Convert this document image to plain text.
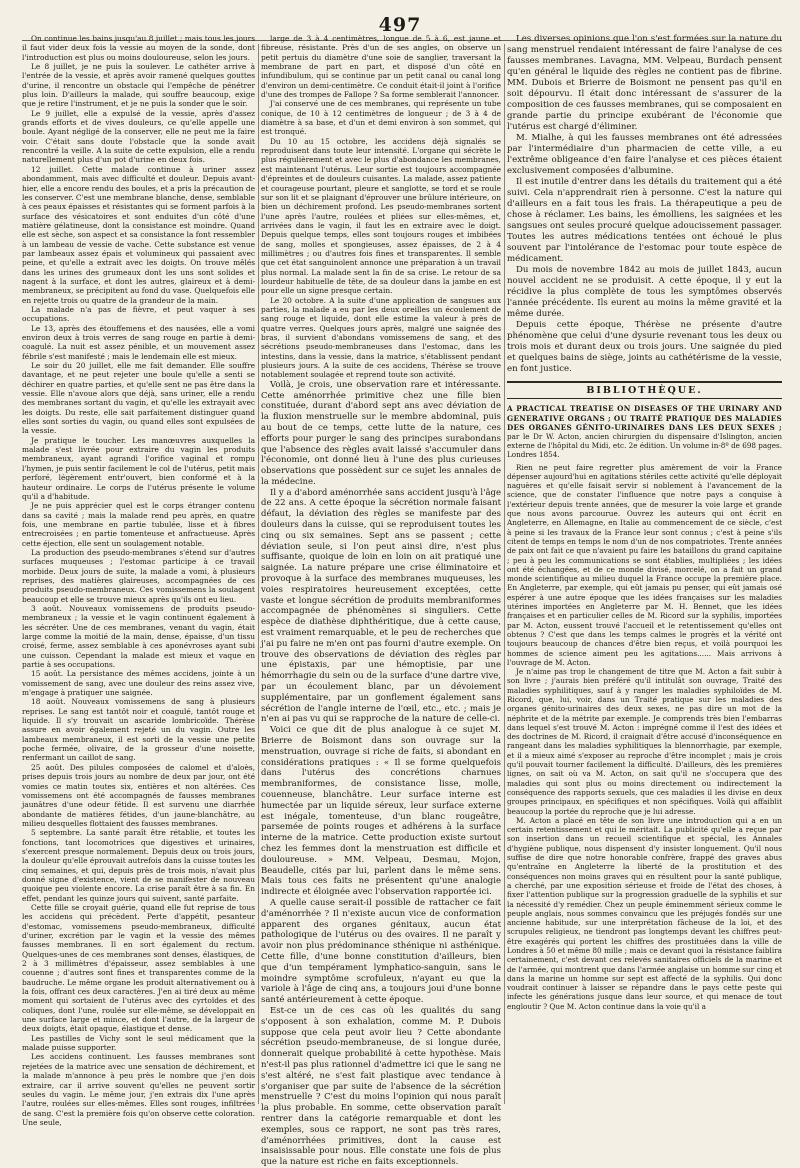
497

On continue les bains jusqu'au 8 juillet ; mais tous les jours il faut vider deux fois la vessie au moyen de la sonde, dont l'introduction est plus ou moins douloureuse, selon les jours.

Le 8 juillet, je ne puis la soulever. Le cathéter arrive à l'entrée de la vessie, et après avoir ramené quelques gouttes d'urine, il rencontre un obstacle qui l'empêche de pénétrer plus loin. D'ailleurs la malade, qui souffre beaucoup, exige que je retire l'instrument, et je ne puis la sonder que le soir.

Le 9 juillet, elle a expulsé de la vessie, après d'assez grands efforts et de vives douleurs, ce qu'elle appelle une boule. Ayant négligé de la conserver, elle ne peut me la faire voir. C'était sans doute l'obstacle que la sonde avait rencontré la veille. A la suite de cette expulsion, elle a rendu naturellement plus d'un pot d'urine en deux fois.

12 juillet. Cette malade continue à uriner assez abondamment, mais avec difficulté et douleur. Depuis avant-hier, elle a encore rendu des boules, et a pris la précaution de les conserver. C'est une membrane blanche, dense, semblable à ces peaux épaisses et résistantes qui se forment parfois à la surface des vésicatoires et sont enduites d'un côté d'une matière gélatineuse, dont la consistance est moindre. Quand elle est sèche, son aspect et sa consistance la font ressembler à un lambeau de vessie de vache. Cette substance est venue par lambeaux assez épais et volumineux qui passaient avec peine, et qu'elle a extrait avec les doigts. On trouve mêlés dans les urines des grumeaux dont les uns sont solides et nagent à la surface, et dont les autres, glaireux et à demi-membraneux, se précipitent au fond du vase. Quelquefois elle en rejette trois ou quatre de la grandeur de la main.

La malade n'a pas de fièvre, et peut vaquer à ses occupations.

Le 13, après des étouffemens et des nausées, elle a vomi environ deux à trois verres de sang rouge en partie à demi-coagulé. La nuit est assez pénible, et un mouvement assez fébrile s'est manifesté ; mais le lendemain elle est mieux.

Le soir du 20 juillet, elle me fait demander. Elle souffre davantage, et ne peut rejeter une boule qu'elle a senti se déchirer en quatre parties, et qu'elle sent ne pas être dans la vessie. Elle n'avoue alors que déjà, sans uriner, elle a rendu des membranes sortant du vagin, et qu'elle les extrayait avec les doigts. Du reste, elle sait parfaitement distinguer quand elles sont sorties du vagin, ou quand elles sont expulsées de la vessie.

Je pratique le toucher. Les manœuvres auxquelles la malade s'est livrée pour extraire du vagin les produits membraneux, ayant agrandi l'orifice vaginal et rompu l'hymen, je puis sentir facilement le col de l'utérus, petit mais perforé, légèrement entr'ouvert, bien conformé et à la hauteur ordinaire. Le corps de l'utérus présente le volume qu'il a d'habitude.

Je ne puis apprécier quel est le corps étranger contenu dans sa cavité ; mais la malade rend peu après, en quatre fois, une membrane en partie tubulée, lisse et à fibres entrecroisées ; en partie tomenteuse et anfractueuse. Après cette éjection, elle sent un soulagement notable.

La production des pseudo-membranes s'étend sur d'autres surfaces muqueuses ; l'estomac participe à ce travail morbide. Deux jours de suite, la malade a vomi, à plusieurs reprises, des matières glaireuses, accompagnées de ces produits pseudo-membraneux. Ces vomissemens la soulagent beaucoup et elle se trouve mieux après qu'ils ont eu lieu.

3 août. Nouveaux vomissemens de produits pseudo-membraneux ; la vessie et le vagin continuent également à les sécréter. Une de ces membranes, venant du vagin, était large comme la moitié de la main, dense, épaisse, d'un tissu croisé, ferme, assez semblable à ces aponévroses ayant subi une cuisson. Cependant la malade est mieux et vaque en partie à ses occupations.

15 août. La persistance des mêmes accidens, jointe à un vomissement de sang, avec une douleur des reins assez vive, m'engage à pratiquer une saignée.

18 août. Nouveaux vomissemens de sang à plusieurs reprises. Le sang est tantôt noir et coagulé, tantôt rouge et liquide. Il s'y trouvait un ascaride lombricoïde. Thérèse assure en avoir également rejeté un du vagin. Outre les lambeaux membraneux, il est sorti de la vessie une petite poche fermée, olivaire, de la grosseur d'une noisette, renfermant un caillot de sang.

25 août. Des pilules composées de calomel et d'aloès, prises depuis trois jours au nombre de deux par jour, ont été vomies ce matin toutes six, entières et non altérées. Ces vomissemens ont été accompagnés de fausses membranes jaunâtres d'une odeur fétide. Il est survenu une diarrhée abondante de matières fétides, d'un jaune-blanchâtre, au milieu desquelles flottaient des fausses membranes.

5 septembre. La santé paraît être rétablie, et toutes les fonctions, tant locomotrices que digestives et urinaires, s'exercent presque normalement. Depuis deux ou trois jours, la douleur qu'elle éprouvait autrefois dans la cuisse toutes les cinq semaines, et qui, depuis près de trois mois, n'avait plus donné signe d'existence, vient de se manifester de nouveau quoique peu violente encore. La crise paraît être à sa fin. En effet, pendant les quinze jours qui suivent, santé parfaite.

Cette fille se croyait guérie, quand elle fut reprise de tous les accidens qui précèdent. Perte d'appétit, pesanteur d'estomac, vomissemens pseudo-membraneux, difficulté d'uriner, excrétion par le vagin et la vessie des mêmes fausses membranes. Il en sort également du rectum. Quelques-unes de ces membranes sont denses, élastiques, de 2 à 3 millimètres d'épaisseur, assez semblables à une couenne ; d'autres sont fines et transparentes comme de la baudruche. Le même organe les produit alternativement ou à la fois, offrant ces deux caractères. J'en ai tiré deux au même moment qui sortaient de l'utérus avec des cyrtoïdes et des coliques, dont l'une, roulée sur elle-même, se développait en une surface large et mince, et dont l'autre, de la largeur de deux doigts, était opaque, élastique et dense.

Les pastilles de Vichy sont le seul médicament que la malade puisse supporter.

Les accidens continuent. Les fausses membranes sont rejetées de la matrice avec une sensation de déchirement, et la malade m'annonce à peu près le nombre que j'en dois extraire, car il arrive souvent qu'elles ne peuvent sortir seules du vagin. Le même jour, j'en extrais dix l'une après l'autre, roulées sur elles-mêmes. Elles sont rouges, infiltrées de sang. C'est la première fois qu'on observe cette coloration. Une seule,

large de 3 à 4 centimètres, longue de 5 à 6, est jaune et fibreuse, résistante. Près d'un de ses angles, on observe un petit pertuis du diamètre d'une soie de sanglier, traversant la membrane de part en part, et disposé d'un côté en infundibulum, qui se continue par un petit canal ou canal long d'environ un demi-centimètre. Ce conduit était-il joint à l'orifice d'une des trompes de Fallope ? Sa forme semblerait l'annoncer.

J'ai conservé une de ces membranes, qui représente un tube conique, de 10 à 12 centimètres de longueur ; de 3 à 4 de diamètre à sa base, et d'un et demi environ à son sommet, qui est tronqué.

Du 10 au 15 octobre, les accidens déjà signalés se reproduisent dans toute leur intensité. L'organe qui sécrète le plus régulièrement et avec le plus d'abondance les membranes, est maintenant l'utérus. Leur sortie est toujours accompagnée d'épreintes et de douleurs cuisantes. La malade, assez patiente et courageuse pourtant, pleure et sanglotte, se tord et se roule sur son lit et se plaignant d'éprouver une brûlure intérieure, on bien un déchirement profond. Les pseudo-membranes sortent l'une après l'autre, roulées et pliées sur elles-mêmes, et, arrivées dans le vagin, il faut les en extraire avec le doigt. Depuis quelque temps, elles sont toujours rouges et imbibées de sang, molles et spongieuses, assez épaisses, de 2 à 4 millimètres ; ou d'autres fois fines et transparentes. Il semble que cet état sanguinolent annonce une préparation à un travail plus normal. La malade sent la fin de sa crise. Le retour de sa lourdeur habituelle de tête, de sa douleur dans la jambe en est pour elle un signe presque certain.

Le 20 octobre. A la suite d'une application de sangsues aux parties, la malade a eu par les deux oreilles un écoulement de sang rouge et liquide, dont elle estime la valeur à près de quatre verres. Quelques jours après, malgré une saignée des bras, il survient d'abondans vomissemens de sang, et des sécrétions pseudo-membraneuses dans l'estomac, dans les intestins, dans la vessie, dans la matrice, s'établissent pendant plusieurs jours. A la suite de ces accidens, Thérèse se trouve notablement soulagée et reprend toute son activité.

Voilà, je crois, une observation rare et intéressante. Cette aménorrhée primitive chez une fille bien constituée, durant d'abord sept ans avec déviation de la fluxion menstruelle sur le membre abdominal, puis au bout de ce temps, cette lutte de la nature, ces efforts pour purger le sang des principes surabondans que l'absence des règles avait laissé s'accumuler dans l'économie, ont donné lieu à l'une des plus curieuses observations que possèdent sur ce sujet les annales de la médecine.

Il y a d'abord aménorrhée sans accident jusqu'à l'âge de 22 ans. A cette époque la sécrétion normale faisant défaut, la déviation des règles se manifeste par des douleurs dans la cuisse, qui se reproduisent toutes les cinq ou six semaines. Sept ans se passent ; cette déviation seule, si l'on peut ainsi dire, n'est plus suffisante, quoique de loin en loin on ait pratiqué une saignée. La nature prépare une crise éliminatoire et provoque à la surface des membranes muqueuses, les voies respiratoires heureusement exceptées, cette vaste et longue sécrétion de produits membraniformes accompagnée de phénomènes si singuliers. Cette espèce de diathèse diphthéritique, due à cette cause, est vraiment remarquable, et le peu de recherches que j'ai pu faire ne m'en ont pas fourni d'autre exemple. On trouve des observations de déviation des règles par une épistaxis, par une hémoptisie, par une hémorrhagie du sein ou de la surface d'une dartre vive, par un écoulement blanc, par un dévoiement supplémentaire, par un gonflement également sans sécrétion de l'angle interne de l'œil, etc., etc. ; mais je n'en ai pas vu qui se rapproche de la nature de celle-ci.

Voici ce que dit de plus analogue à ce sujet M. Brierre de Boismont dans son ouvrage sur la menstruation, ouvrage si riche de faits, si abondant en considérations pratiques : « Il se forme quelquefois dans l'utérus des concrétions charnues membraniformes, de consistance lisse, molle, couenneuse, blanchâtre. Leur surface interne est humectée par un liquide séreux, leur surface externe est inégale, tomenteuse, d'un blanc rougeâtre, parsemée de points rouges et adhérens à la surface interne de la matrice. Cette production existe surtout chez les femmes dont la menstruation est difficile et douloureuse. » MM. Velpeau, Desmau, Mojon, Beaudelle, cités par lui, parlent dans le même sens. Mais tous ces faits ne présentent qu'une analogie indirecte et éloignée avec l'observation rapportée ici.

A quelle cause serait-il possible de rattacher ce fait d'aménorrhée ? Il n'existe aucun vice de conformation apparent des organes génitaux, aucun état pathologique de l'utérus ou des ovaires. Il ne paraît y avoir non plus prédominance sthénique ni asthénique. Cette fille, d'une bonne constitution d'ailleurs, bien que d'un tempérament lymphatico-sanguin, sans le moindre symptôme scrofuleux, n'ayant eu que la variole à l'âge de cinq ans, a toujours joui d'une bonne santé antérieurement à cette époque.

Est-ce un de ces cas où les qualités du sang s'opposent à son exhalation, comme M. P. Dubois suppose que cela peut avoir lieu ? Cette abondante sécrétion pseudo-membraneuse, de si longue durée, donnerait quelque probabilité à cette hypothèse. Mais n'est-il pas plus rationnel d'admettre ici que le sang ne s'est altéré, ne s'est fait plastique avec tendance à s'organiser que par suite de l'absence de la sécrétion menstruelle ? C'est du moins l'opinion qui nous paraît la plus probable. En somme, cette observation paraît rentrer dans la catégorie remarquable et dont les exemples, sous ce rapport, ne sont pas très rares, d'aménorrhées primitives, dont la cause est insaisissable pour nous. Elle constate une fois de plus que la nature est riche en faits exceptionnels.

Les diverses opinions que l'on s'est formées sur la nature du sang menstruel rendaient intéressant de faire l'analyse de ces fausses membranes. Lavagna, MM. Velpeau, Burdach pensent qu'en général le liquide des règles ne contient pas de fibrine. MM. Dubois et Brierre de Boismont ne pensent pas qu'il en soit dépourvu. Il était donc intéressant de s'assurer de la composition de ces fausses membranes, qui se composaient en grande partie du principe exubérant de l'économie que l'utérus est chargé d'éliminer.

M. Mialhe, à qui les fausses membranes ont été adressées par l'intermédiaire d'un pharmacien de cette ville, a eu l'extrême obligeance d'en faire l'analyse et ces pièces étaient exclusivement composées d'albumine.

Il est inutile d'entrer dans les détails du traitement qui a été suivi. Cela n'apprendrait rien à personne. C'est la nature qui d'ailleurs en a fait tous les frais. La thérapeutique a peu de chose à réclamer. Les bains, les émolliens, les saignées et les sangsues ont seules procuré quelque adoucissement passager. Toutes les autres médications tentées ont échoué le plus souvent par l'intolérance de l'estomac pour toute espèce de médicament.

Du mois de novembre 1842 au mois de juillet 1843, aucun nouvel accident ne se produisit. A cette époque, il y eut la récidive la plus complète de tous les symptômes observés l'année précédente. Ils eurent au moins la même gravité et la même durée.

Depuis cette époque, Thérèse ne présente d'autre phénomène que celui d'une dysurie revenant tous les deux ou trois mois et durant deux ou trois jours. Une saignée du pied et quelques bains de siège, joints au cathétérisme de la vessie, en font justice.

BIBLIOTHÈQUE.

A PRACTICAL TREATISE ON DISEASES OF THE URINARY AND GENERATIVE ORGANS ; OU TRAITÉ PRATIQUE DES MALADIES DES ORGANES GÉNITO-URINAIRES DANS LES DEUX SEXES ; par le Dr W. Acton, ancien chirurgien du dispensaire d'Islington, ancien externe de l'hôpital du Midi, etc. 2e édition. Un volume in-8º de 698 pages. Londres 1854.

Rien ne peut faire regretter plus amèrement de voir la France dépenser aujourd'hui en agitations stériles cette activité qu'elle déployait naguères et qu'elle faisait servir si noblement à l'avancement de la science, que de constater l'influence que notre pays a conquise à l'extérieur depuis trente années, que de mesurer la voie large et grande que nous avons parcourue. Ouvrez les auteurs qui ont écrit en Angleterre, en Allemagne, en Italie au commencement de ce siècle, c'est à peine si les travaux de la France leur sont connus ; c'est à peine s'ils citent de temps en temps le nom d'un de nos compatriotes. Trente années de paix ont fait ce que n'avaient pu faire les bataillons du grand capitaine ; peu à peu les communications se sont établies, multipliées ; les idées ont été échangées, et de ce monde divisé, morcelé, on a fait un grand monde scientifique au milieu duquel la France occupe la première place. En Angleterre, par exemple, qui eût jamais pu penser, qui eût jamais osé espérer à une autre époque que les idées françaises sur les maladies utérines importées en Angleterre par M. H. Bennet, que les idées françaises et en particulier celles de M. Ricord sur la syphilis, importées par M. Acton, eussent trouvé l'accueil et le retentissement qu'elles ont obtenus ? C'est que dans les temps calmes le progrès et la vérité ont toujours beaucoup de chances d'être bien reçus, et voilà pourquoi les hommes de science aiment peu les agitations...... Mais arrivons à l'ouvrage de M. Acton.

Je n'aime pas trop le changement de titre que M. Acton a fait subir à son livre ; j'aurais bien préféré qu'il intitulât son ouvrage, Traité des maladies syphilitiques, sauf à y ranger les maladies syphiloïdes de M. Ricord, que, lui, voir, dans un Traité pratique sur les maladies des organes génito-urinaires des deux sexes, ne pas dire un mot de la néphrite et de la métrite par exemple. Je comprends très bien l'embarras dans lequel s'est trouvé M. Acton : imprégné comme il l'est des idées et des doctrines de M. Ricord, il craignait d'être accusé d'inconséquence en rangeant dans les maladies syphilitiques la blennorrhagie, par exemple, et il a mieux aimé s'exposer au reproche d'être incomplet ; mais je crois qu'il pouvait tourner facilement la difficulté. D'ailleurs, dès les premières lignes, on sait où va M. Acton, on sait qu'il ne s'occupera que des maladies qui sont plus ou moins directement ou indirectement la conséquence des rapports sexuels, que ces maladies il les divise en deux groupes principaux, en spécifiques et non spécifiques. Voilà qui affaiblit beaucoup la portée du reproche que je lui adresse.

M. Acton a placé en tête de son livre une introduction qui a en un certain retentissement et qui le méritait. La publicité qu'elle a reçue par son insertion dans un recueil scientifique et spécial, les Annales d'hygiène publique, nous dispensent d'y insister longuement. Qu'il nous suffise de dire que notre honorable confrère, frappé des graves abus qu'entraîne en Angleterre la liberté de la prostitution et des conséquences non moins graves qui en résultent pour la santé publique, a cherché, par une exposition sérieuse et froide de l'état des choses, à fixer l'attention publique sur la progression graduelle de la syphilis et sur la nécessité d'y remédier. Chez un peuple éminemment sérieux comme le peuple anglais, nous sommes convaincu que les préjugés fondés sur une ancienne habitude, sur une interprétation fâcheuse de la loi, et des scrupules religieux, ne tiendront pas longtemps devant les chiffres peut-être exagérés qui portent les chiffres des prostituées dans la ville de Londres à 50 et même 80 mille ; mais ce devant quoi la résistance faiblira certainement, c'est devant ces relevés sanitaires officiels de la marine et de l'armée, qui montrent que dans l'armée anglaise un homme sur cinq et dans la marine un homme sur sept est affecté de la syphilis. Qui donc voudrait continuer à laisser se répandre dans le pays cette peste qui infecte les générations jusque dans leur source, et qui menace de tout engloutir ? Que M. Acton continue dans la voie qu'il a
